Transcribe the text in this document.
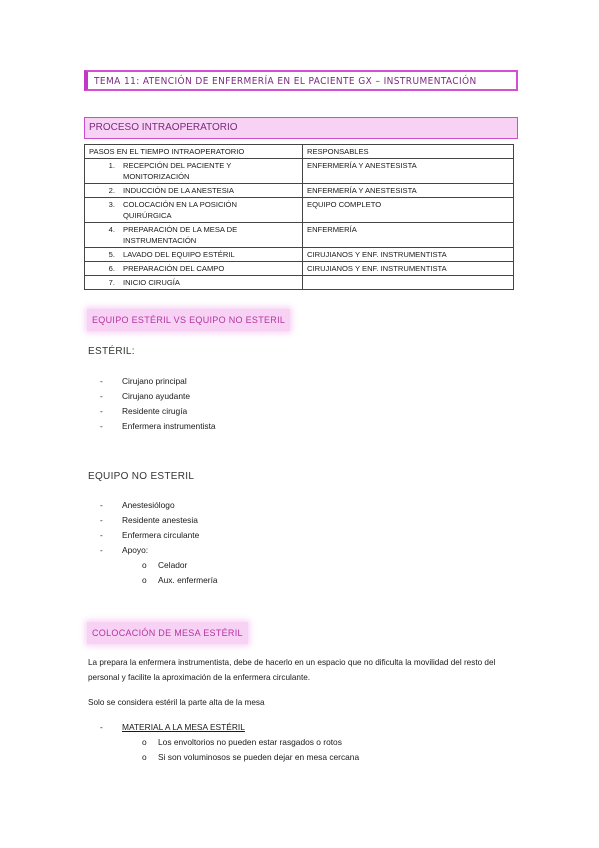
TEMA 11: ATENCIÓN DE ENFERMERÍA EN EL PACIENTE GX – INSTRUMENTACIÓN
PROCESO INTRAOPERATORIO
PASOS EN EL TIEMPO INTRAOPERATORIO	RESPONSABLES
1. RECEPCIÓN DEL PACIENTE Y MONITORIZACIÓN	ENFERMERÍA Y ANESTESISTA
2. INDUCCIÓN DE LA ANESTESIA	ENFERMERÍA Y ANESTESISTA
3. COLOCACIÓN EN LA POSICIÓN QUIRÚRGICA	EQUIPO COMPLETO
4. PREPARACIÓN DE LA MESA DE INSTRUMENTACIÓN	ENFERMERÍA
5. LAVADO DEL EQUIPO ESTÉRIL	CIRUJIANOS Y ENF. INSTRUMENTISTA
6. PREPARACIÓN DEL CAMPO	CIRUJIANOS Y ENF. INSTRUMENTISTA
7. INICIO CIRUGÍA	
EQUIPO ESTÉRIL VS EQUIPO NO ESTERIL
ESTÉRIL:
-	Cirujano principal
-	Cirujano ayudante
-	Residente cirugía
-	Enfermera instrumentista
EQUIPO NO ESTERIL
-	Anestesiólogo
-	Residente anestesia
-	Enfermera circulante
-	Apoyo:
o Celador
o Aux. enfermería
COLOCACIÓN DE MESA ESTÉRIL
La prepara la enfermera instrumentista, debe de hacerlo en un espacio que no dificulta la movilidad del resto del personal y facilite la aproximación de la enfermera circulante.
Solo se considera estéril la parte alta de la mesa
-	MATERIAL A LA MESA ESTÉRIL
o Los envoltorios no pueden estar rasgados o rotos
o Si son voluminosos se pueden dejar en mesa cercana
